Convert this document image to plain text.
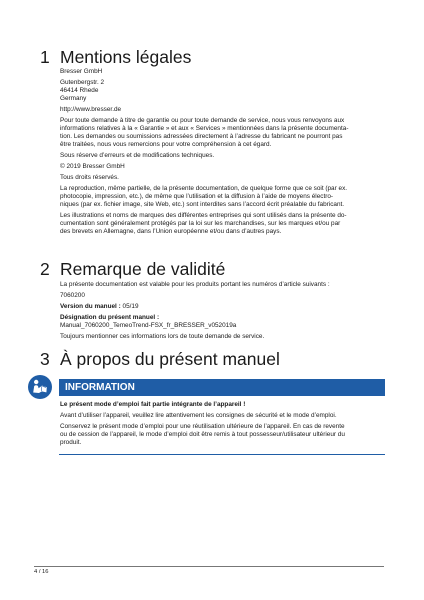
1 Mentions légales

Bresser GmbH

Gutenbergstr. 2

46414 Rhede

Germany

http://www.bresser.de

Pour toute demande à titre de garantie ou pour toute demande de service, nous vous renvoyons aux

informations relatives à la « Garantie » et aux « Services » mentionnées dans la présente documenta-

tion. Les demandes ou soumissions adressées directement à l’adresse du fabricant ne pourront pas

être traitées, nous vous remercions pour votre compréhension à cet égard.

Sous réserve d’erreurs et de modifications techniques.

© 2019 Bresser GmbH

Tous droits réservés.

La reproduction, même partielle, de la présente documentation, de quelque forme que ce soit (par ex.

photocopie, impression, etc.), de même que l’utilisation et la diffusion à l’aide de moyens électro-

niques (par ex. fichier image, site Web, etc.) sont interdites sans l’accord écrit préalable du fabricant.

Les illustrations et noms de marques des différentes entreprises qui sont utilisés dans la présente do-

cumentation sont généralement protégés par la loi sur les marchandises, sur les marques et/ou par

des brevets en Allemagne, dans l’Union européenne et/ou dans d’autres pays.

2 Remarque de validité

La présente documentation est valable pour les produits portant les numéros d’article suivants :

7060200

Version du manuel : 05/19

Désignation du présent manuel :

Manual_7060200_TemeoTrend-FSX_fr_BRESSER_v052019a

Toujours mentionner ces informations lors de toute demande de service.

3 À propos du présent manuel

INFORMATION

Le présent mode d’emploi fait partie intégrante de l’appareil !

Avant d’utiliser l’appareil, veuillez lire attentivement les consignes de sécurité et le mode d’emploi.

Conservez le présent mode d’emploi pour une réutilisation ultérieure de l’appareil. En cas de revente

ou de cession de l’appareil, le mode d’emploi doit être remis à tout possesseur/utilisateur ultérieur du

produit.

4 / 16
